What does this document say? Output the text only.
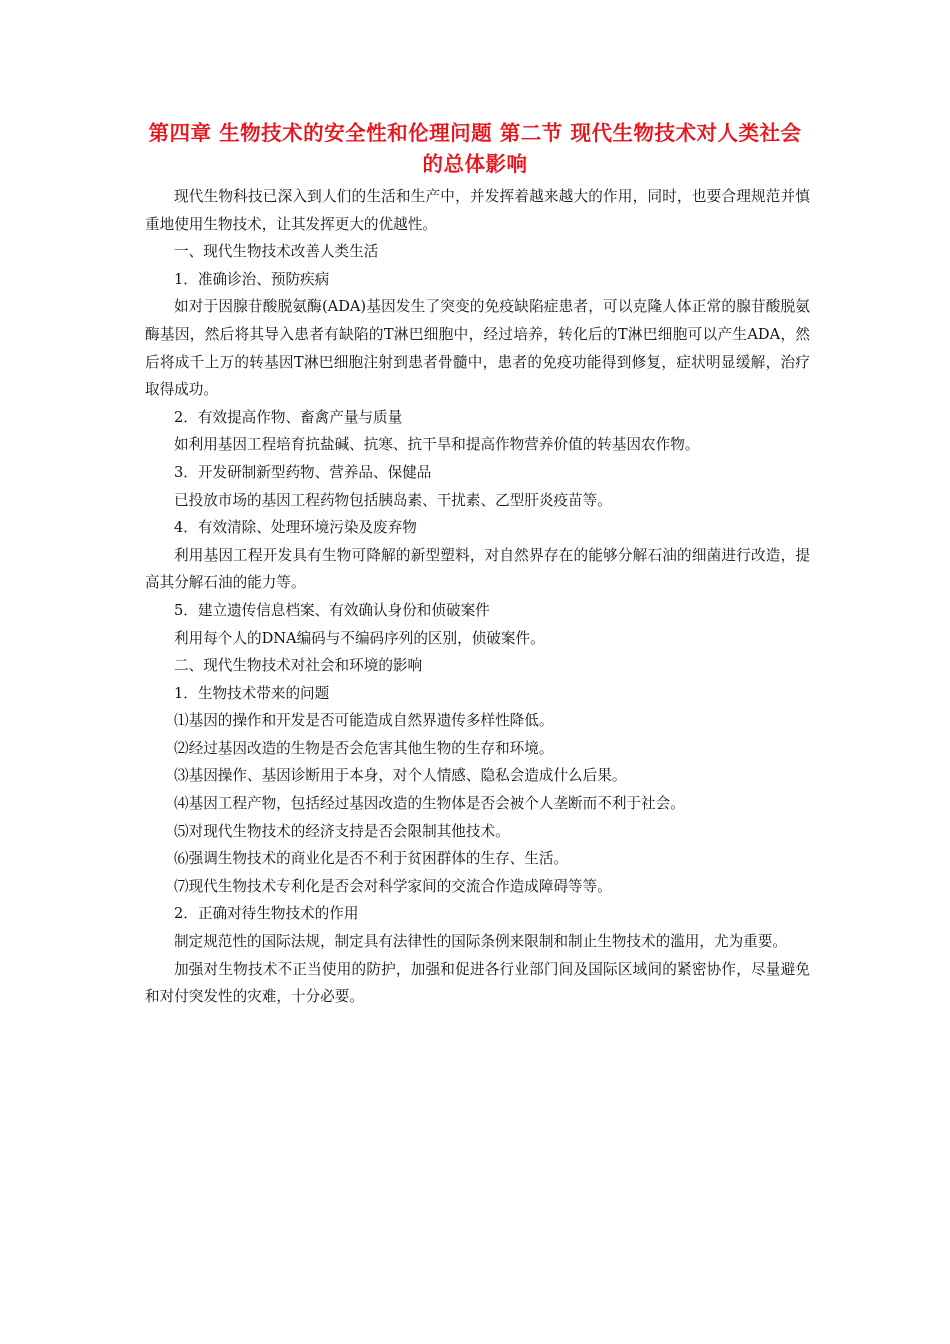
第四章 生物技术的安全性和伦理问题 第二节 现代生物技术对人类社会的总体影响

现代生物科技已深入到人们的生活和生产中，并发挥着越来越大的作用，同时，也要合理规范并慎重地使用生物技术，让其发挥更大的优越性。

一、现代生物技术改善人类生活

1．准确诊治、预防疾病

如对于因腺苷酸脱氨酶(ADA)基因发生了突变的免疫缺陷症患者，可以克隆人体正常的腺苷酸脱氨酶基因，然后将其导入患者有缺陷的T淋巴细胞中，经过培养，转化后的T淋巴细胞可以产生ADA，然后将成千上万的转基因T淋巴细胞注射到患者骨髓中，患者的免疫功能得到修复，症状明显缓解，治疗取得成功。

2．有效提高作物、畜禽产量与质量

如利用基因工程培育抗盐碱、抗寒、抗干旱和提高作物营养价值的转基因农作物。

3．开发研制新型药物、营养品、保健品

已投放市场的基因工程药物包括胰岛素、干扰素、乙型肝炎疫苗等。

4．有效清除、处理环境污染及废弃物

利用基因工程开发具有生物可降解的新型塑料，对自然界存在的能够分解石油的细菌进行改造，提高其分解石油的能力等。

5．建立遗传信息档案、有效确认身份和侦破案件

利用每个人的DNA编码与不编码序列的区别，侦破案件。

二、现代生物技术对社会和环境的影响

1．生物技术带来的问题

⑴基因的操作和开发是否可能造成自然界遗传多样性降低。

⑵经过基因改造的生物是否会危害其他生物的生存和环境。

⑶基因操作、基因诊断用于本身，对个人情感、隐私会造成什么后果。

⑷基因工程产物，包括经过基因改造的生物体是否会被个人垄断而不利于社会。

⑸对现代生物技术的经济支持是否会限制其他技术。

⑹强调生物技术的商业化是否不利于贫困群体的生存、生活。

⑺现代生物技术专利化是否会对科学家间的交流合作造成障碍等等。

2．正确对待生物技术的作用

制定规范性的国际法规，制定具有法律性的国际条例来限制和制止生物技术的滥用，尤为重要。

加强对生物技术不正当使用的防护，加强和促进各行业部门间及国际区域间的紧密协作，尽量避免和对付突发性的灾难，十分必要。
